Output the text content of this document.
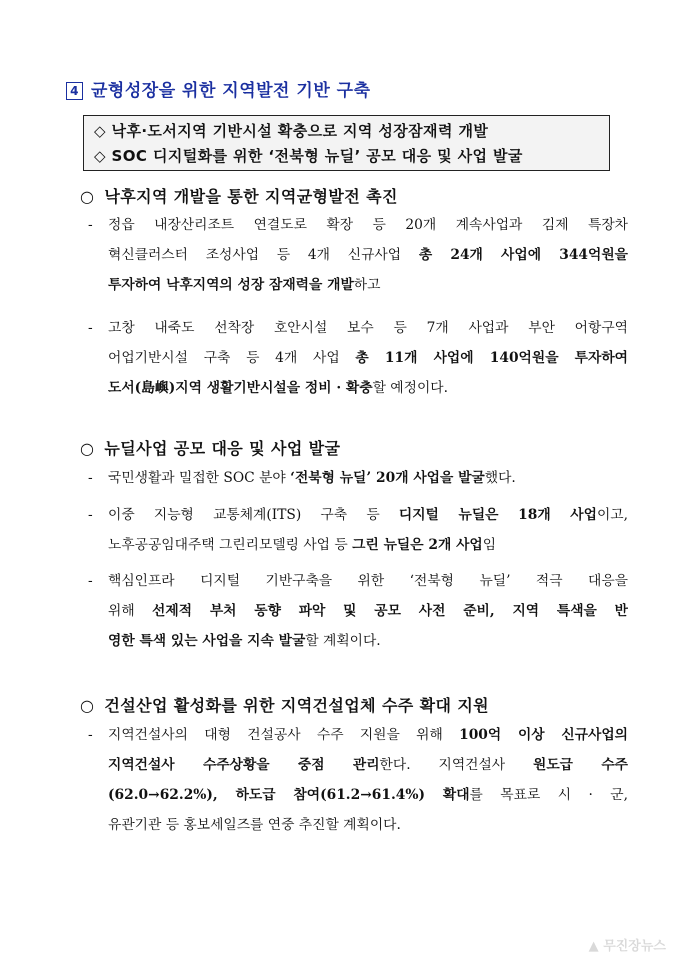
4 균형성장을 위한 지역발전 기반 구축
◇ 낙후·도서지역 기반시설 확충으로 지역 성장잠재력 개발
◇ SOC 디지털화를 위한 ‘전북형 뉴딜’ 공모 대응 및 사업 발굴
○ 낙후지역 개발을 통한 지역균형발전 촉진
- 정읍 내장산리조트 연결도로 확장 등 20개 계속사업과 김제 특장차
혁신클러스터 조성사업 등 4개 신규사업 총 24개 사업에 344억원을
투자하여 낙후지역의 성장 잠재력을 개발하고
- 고창 내죽도 선착장 호안시설 보수 등 7개 사업과 부안 어항구역
어업기반시설 구축 등 4개 사업 총 11개 사업에 140억원을 투자하여
도서(島嶼)지역 생활기반시설을 정비 · 확충할 예정이다.
○ 뉴딜사업 공모 대응 및 사업 발굴
- 국민생활과 밀접한 SOC 분야 ‘전북형 뉴딜’ 20개 사업을 발굴했다.
- 이중 지능형 교통체계(ITS) 구축 등 디지털 뉴딜은 18개 사업이고,
노후공공임대주택 그린리모델링 사업 등 그린 뉴딜은 2개 사업임
- 핵심인프라 디지털 기반구축을 위한 ‘전북형 뉴딜’ 적극 대응을
위해 선제적 부처 동향 파악 및 공모 사전 준비, 지역 특색을 반
영한 특색 있는 사업을 지속 발굴할 계획이다.
○ 건설산업 활성화를 위한 지역건설업체 수주 확대 지원
- 지역건설사의 대형 건설공사 수주 지원을 위해 100억 이상 신규사업의
지역건설사 수주상황을 중점 관리한다. 지역건설사 원도급 수주
(62.0→62.2%), 하도급 참여(61.2→61.4%) 확대를 목표로 시 · 군,
유관기관 등 홍보세일즈를 연중 추진할 계획이다.
▲ 무진장뉴스
